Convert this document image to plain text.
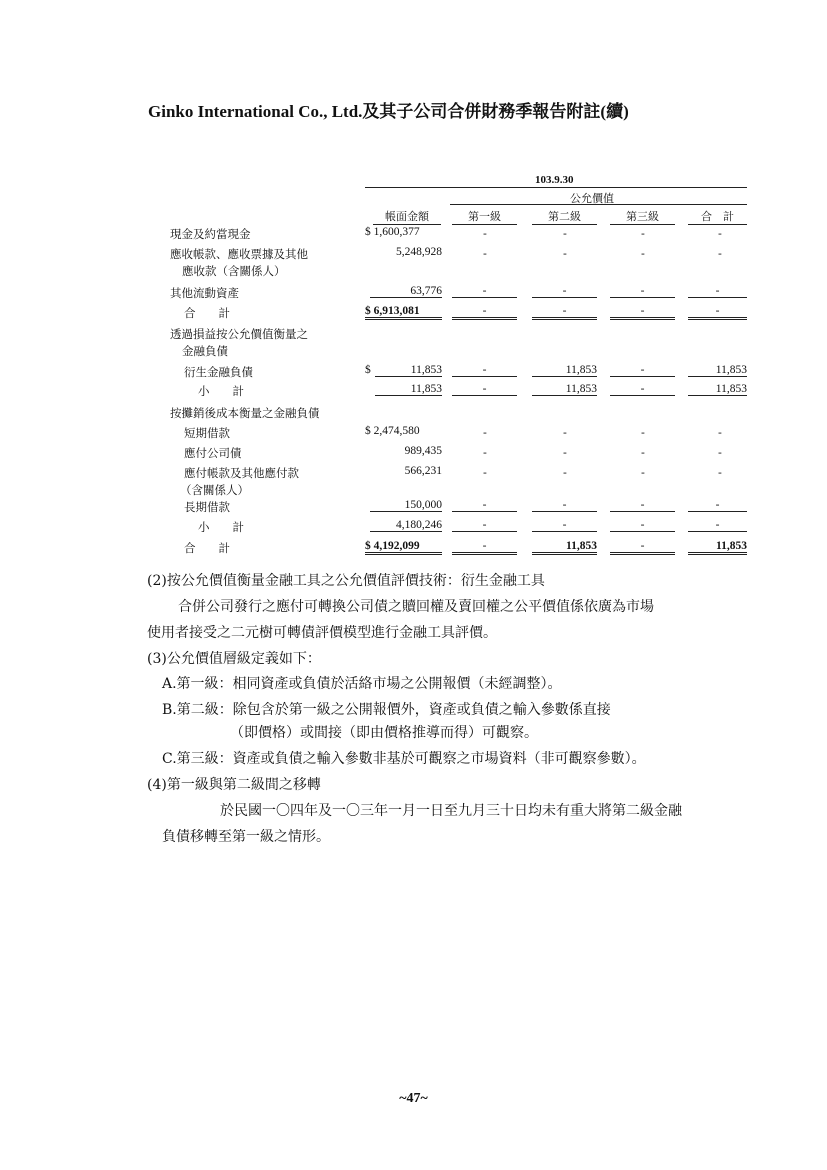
Ginko International Co., Ltd.及其子公司合併財務季報告附註(續)
103.9.30
公允價值
帳面金額	第一級	第二級	第三級	合　計
現金及約當現金	$ 1,600,377	-	-	-	-
應收帳款、應收票據及其他
應收款（含關係人）
5,248,928	-	-	-	-
其他流動資產	63,776	-	-	-	-
合　　計	$ 6,913,081	-	-	-	-
透過損益按公允價值衡量之
金融負債
衍生金融負債	$	11,853	-	11,853	-	11,853
小　　計	11,853	-	11,853	-	11,853
按攤銷後成本衡量之金融負債
短期借款	$ 2,474,580	-	-	-	-
應付公司債	989,435	-	-	-	-
應付帳款及其他應付款
（含關係人）
566,231	-	-	-	-
長期借款	150,000	-	-	-	-
小　　計	4,180,246	-	-	-	-
合　　計	$ 4,192,099	-	11,853	-	11,853
(2)按公允價值衡量金融工具之公允價值評價技術：衍生金融工具
合併公司發行之應付可轉換公司債之贖回權及賣回權之公平價值係依廣為市場
使用者接受之二元樹可轉債評價模型進行金融工具評價。
(3)公允價值層級定義如下：
A.第一級：相同資產或負債於活絡市場之公開報價（未經調整）。
B.第二級：除包含於第一級之公開報價外，資產或負債之輸入參數係直接
（即價格）或間接（即由價格推導而得）可觀察。
C.第三級：資產或負債之輸入參數非基於可觀察之市場資料（非可觀察參數）。
(4)第一級與第二級間之移轉
於民國一〇四年及一〇三年一月一日至九月三十日均未有重大將第二級金融
負債移轉至第一級之情形。
~47~
